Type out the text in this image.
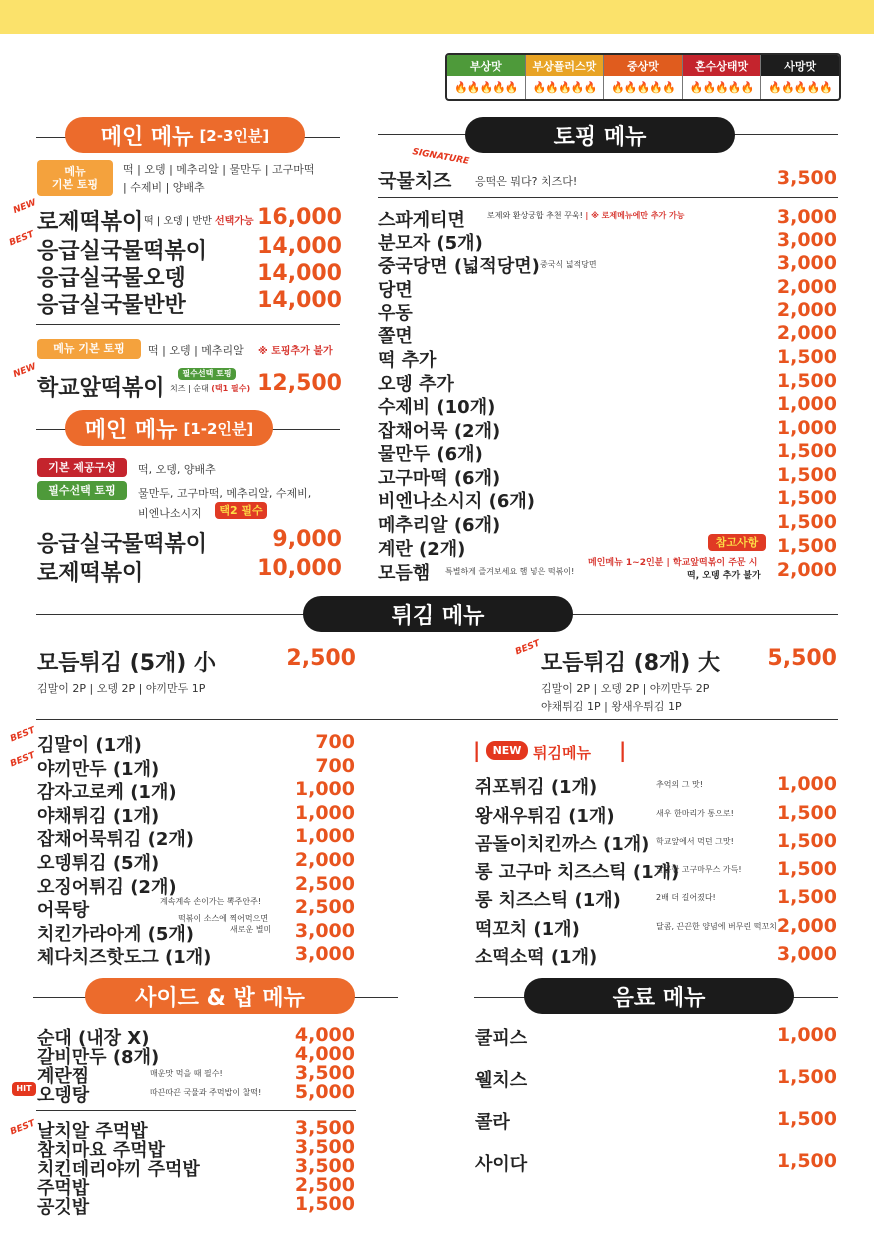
부상맛
🔥 🔥🔥🔥🔥
부상플러스맛
🔥🔥 🔥🔥🔥
중상맛
🔥🔥🔥 🔥🔥
혼수상태맛
🔥🔥🔥🔥 🔥
사망맛
🔥🔥🔥🔥🔥
메인 메뉴 [2-3인분]
메뉴
기본 토핑
떡 | 오뎅 | 메추리알 | 물만두 | 고구마떡
| 수제비 | 양배추
NEW
로제떡볶이 떡 | 오뎅 | 반반 선택가능 16,000
BEST 응급실국물떡볶이	14,000
응급실국물오뎅	14,000
응급실국물반반	14,000
메뉴 기본 토핑	떡 | 오뎅 | 메추리알 ※ 토핑추가 불가
NEW
학교앞떡볶이
필수선택 토핑
치즈 | 순대 (택1 필수) 12,500
메인 메뉴 [1-2인분]
기본 제공구성	떡, 오뎅, 양배추
필수선택 토핑	물만두, 고구마떡, 메추리알, 수제비,
비엔나소시지	택2 필수
응급실국물떡볶이	9,000
로제떡볶이	10,000
토핑 메뉴
SIGNATURE
국물치즈 응떡은 뭐다? 치즈다!	3,500
스파게티면	로제와 환상궁합 추천 꾸욱! | ※ 로제메뉴에만 추가 가능	3,000
분모자 (5개)	3,000
중국당면 (넓적당면) 중국식 넓적당면	3,000
당면	2,000
우동	2,000
쫄면	2,000
떡 추가	1,500
오뎅 추가	1,500
수제비 (10개)	1,000
잡채어묵 (2개)	1,000
물만두 (6개)	1,500
고구마떡 (6개)	1,500
비엔나소시지 (6개)	1,500
메추리알 (6개)	1,500
계란 (2개)	1,500
모듬햄 특별하게 즐겨보세요 햄 넣은 떡볶이!	2,000
참고사항
메인메뉴 1~2인분 | 학교앞떡볶이 주문 시
떡, 오뎅 추가 불가
튀김 메뉴
모듬튀김 (5개) 小	2,500
김말이 2P | 오뎅 2P | 야끼만두 1P
BEST
모듬튀김 (8개) 大	5,500
김말이 2P | 오뎅 2P | 야끼만두 2P
야채튀김 1P | 왕새우튀김 1P
BEST 김말이 (1개)	700
BEST 야끼만두 (1개)	700
감자고로케 (1개)	1,000
야채튀김 (1개)	1,000
잡채어묵튀김 (2개)	1,000
오뎅튀김 (5개)	2,000
오징어튀김 (2개)	2,500
어묵탕	계속계속 손이가는 뽁주안주!	2,500
치킨가라아게 (5개)
떡볶이 소스에 찍어먹으면
새로운 별미	3,000
체다치즈핫도그 (1개)	3,000
|	NEW 튀김메뉴 |
쥐포튀김 (1개)	추억의 그 맛!	1,000
왕새우튀김 (1개)	새우 한마리가 통으로!	1,500
곰돌이치킨까스 (1개) 학교앞에서 먹던 그맛!	1,500
롱 고구마 치즈스틱 (1개)
달콤한 고구마무스 가득!	1,500
롱 치즈스틱 (1개)	2배 더 길어졌다!	1,500
떡꼬치 (1개)	달콤, 끈끈한 양념에 버무린 떡꼬치 2,000
소떡소떡 (1개)	3,000
사이드 & 밥 메뉴
순대 (내장 X)	4,000
갈비만두 (8개)	4,000
계란찜	매운맛 먹을 때 필수!	3,500
HIT 오뎅탕	따끈따끈 국물과 주먹밥이 찰떡!	5,000
BEST 날치알 주먹밥	3,500
참치마요 주먹밥	3,500
치킨데리야끼 주먹밥	3,500
주먹밥	2,500
공깃밥	1,500
음료 메뉴
쿨피스	1,000
웰치스	1,500
콜라	1,500
사이다	1,500
